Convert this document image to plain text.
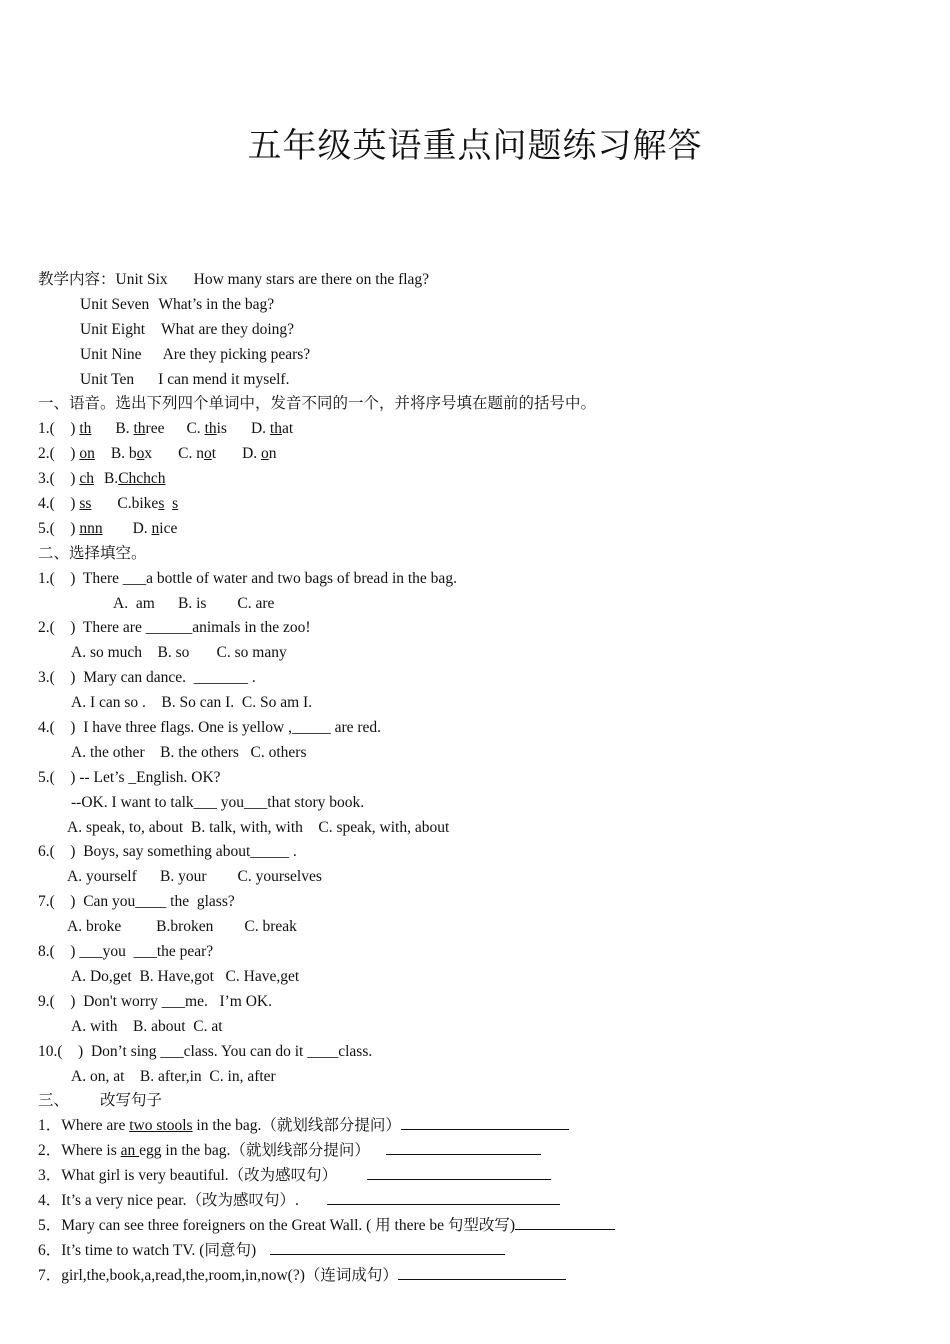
五年级英语重点问题练习解答
教学内容：Unit Six How many stars are there on the flag?
Unit Seven What’s in the bag?
Unit Eight What are they doing?
Unit Nine Are they picking pears?
Unit Ten I can mend it myself.
一、语音。选出下列四个单词中，发音不同的一个，并将序号填在题前的括号中。
1.(    ) th B. three C. this D. that
2.(    ) on B. box C. not D. on
3.(    ) ch B.Chchch
4.(    ) ss C.bikes s
5.(    ) nnn D. nice
二、选择填空。
1.(    )  There ___a bottle of water and two bags of bread in the bag.
A.  am      B. is        C. are
2.(    )  There are ______animals in the zoo!
A. so much    B. so       C. so many
3.(    )  Mary can dance.  _______ .
A. I can so .    B. So can I.  C. So am I.
4.(    )  I have three flags. One is yellow ,_____ are red.
A. the other    B. the others   C. others
5.(    ) -- Let’s _English. OK?
--OK. I want to talk___ you___that story book.
A. speak, to, about  B. talk, with, with    C. speak, with, about
6.(    )  Boys, say something about_____ .
A. yourself      B. your        C. yourselves
7.(    )  Can you____ the  glass?
A. broke         B.broken        C. break
8.(    ) ___you  ___the pear?
A. Do,get  B. Have,got   C. Have,get
9.(    )  Don't worry ___me.   I’m OK.
A. with    B. about  C. at
10.(    )  Don’t sing ___class. You can do it ____class.
A. on, at    B. after,in  C. in, after
三、        改写句子
1．Where are two stools in the bag.（就划线部分提问）
2．Where is an egg in the bag.（就划线部分提问）
3．What girl is very beautiful.（改为感叹句）
4．It’s a very nice pear.（改为感叹句）.
5．Mary can see three foreigners on the Great Wall. ( 用 there be 句型改写)
6．It’s time to watch TV. (同意句)
7．girl,the,book,a,read,the,room,in,now(?)（连词成句）
